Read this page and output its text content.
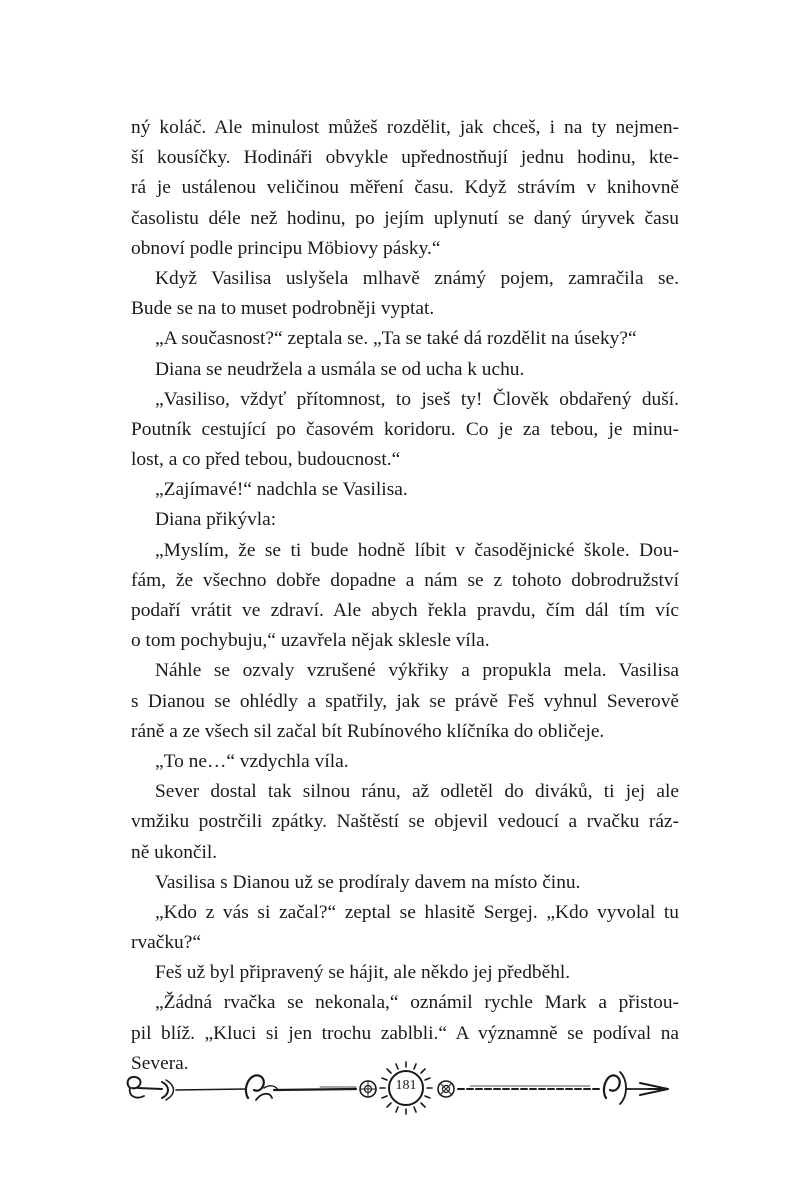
ný koláč. Ale minulost můžeš rozdělit, jak chceš, i na ty nejmen-
ší kousíčky. Hodináři obvykle upřednostňují jednu hodinu, kte-
rá je ustálenou veličinou měření času. Když strávím v knihovně
časolistu déle než hodinu, po jejím uplynutí se daný úryvek času
obnoví podle principu Möbiovy pásky.“
Když Vasilisa uslyšela mlhavě známý pojem, zamračila se.
Bude se na to muset podrobněji vyptat.
„A současnost?“ zeptala se. „Ta se také dá rozdělit na úseky?“
Diana se neudržela a usmála se od ucha k uchu.
„Vasiliso, vždyť přítomnost, to jseš ty! Člověk obdařený duší.
Poutník cestující po časovém koridoru. Co je za tebou, je minu-
lost, a co před tebou, budoucnost.“
„Zajímavé!“ nadchla se Vasilisa.
Diana přikývla:
„Myslím, že se ti bude hodně líbit v časodějnické škole. Dou-
fám, že všechno dobře dopadne a nám se z tohoto dobrodružství
podaří vrátit ve zdraví. Ale abych řekla pravdu, čím dál tím víc
o tom pochybuju,“ uzavřela nějak sklesle víla.
Náhle se ozvaly vzrušené výkřiky a propukla mela. Vasilisa
s Dianou se ohlédly a spatřily, jak se právě Feš vyhnul Severově
ráně a ze všech sil začal bít Rubínového klíčníka do obličeje.
„To ne…“ vzdychla víla.
Sever dostal tak silnou ránu, až odletěl do diváků, ti jej ale
vmžiku postrčili zpátky. Naštěstí se objevil vedoucí a rvačku ráz-
ně ukončil.
Vasilisa s Dianou už se prodíraly davem na místo činu.
„Kdo z vás si začal?“ zeptal se hlasitě Sergej. „Kdo vyvolal tu
rvačku?“
Feš už byl připravený se hájit, ale někdo jej předběhl.
„Žádná rvačka se nekonala,“ oznámil rychle Mark a přistou-
pil blíž. „Kluci si jen trochu zablbli.“ A významně se podíval na
Severa.
181
